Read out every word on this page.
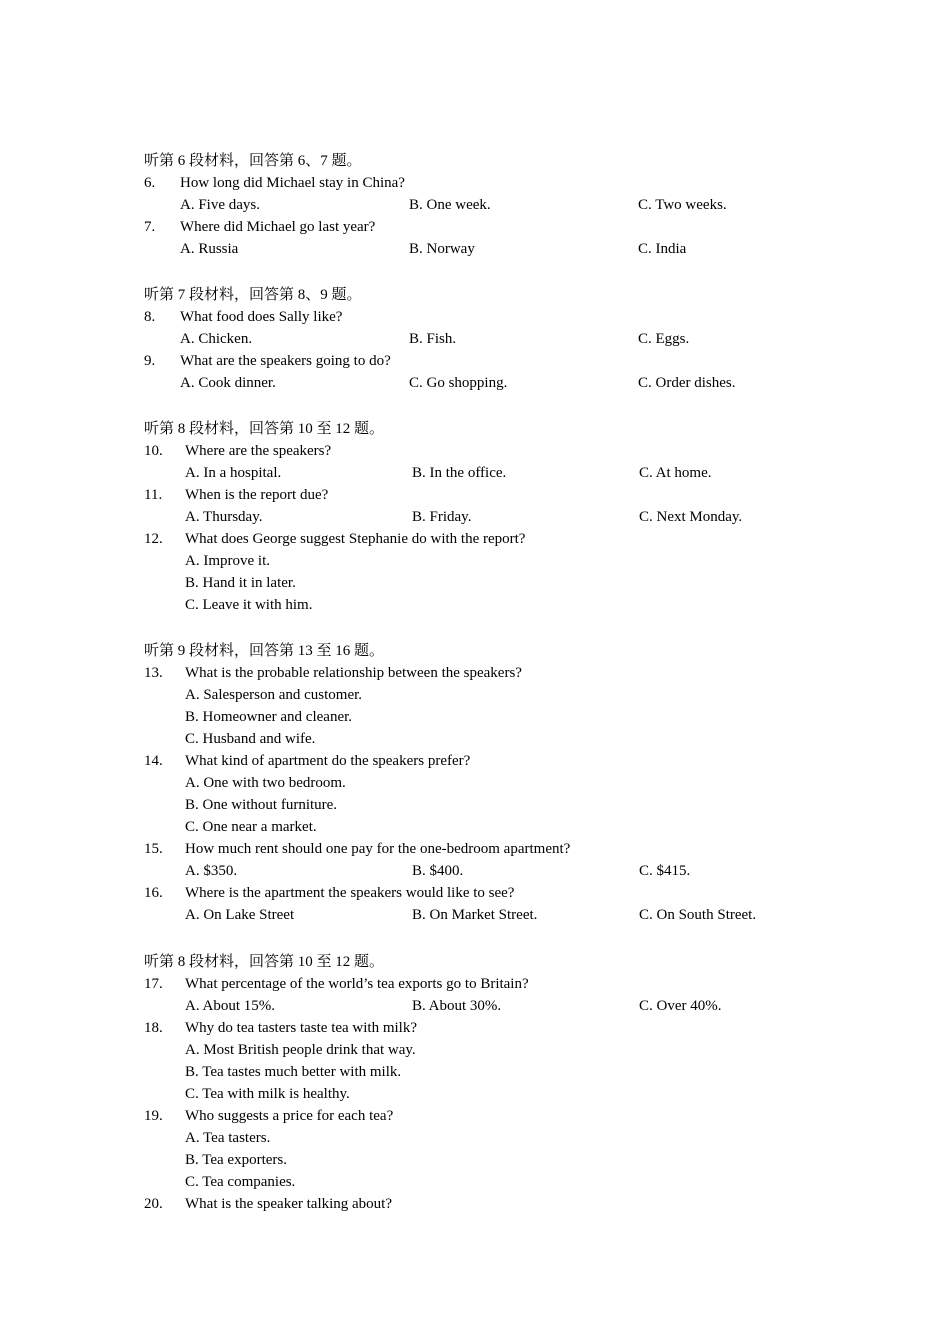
听第 6 段材料，回答第 6、7 题。
6. How long did Michael stay in China?
A. Five days.	B. One week.	C. Two weeks.
7. Where did Michael go last year?
A. Russia	B. Norway	C. India
听第 7 段材料，回答第 8、9 题。
8. What food does Sally like?
A. Chicken.	B. Fish.	C. Eggs.
9. What are the speakers going to do?
A. Cook dinner.	C. Go shopping.	C. Order dishes.
听第 8 段材料，回答第 10 至 12 题。
10. Where are the speakers?
A. In a hospital.	B. In the office.	C. At home.
11. When is the report due?
A. Thursday.	B. Friday.	C. Next Monday.
12. What does George suggest Stephanie do with the report?
A. Improve it.
B. Hand it in later.
C. Leave it with him.
听第 9 段材料，回答第 13 至 16 题。
13. What is the probable relationship between the speakers?
A. Salesperson and customer.
B. Homeowner and cleaner.
C. Husband and wife.
14. What kind of apartment do the speakers prefer?
A. One with two bedroom.
B. One without furniture.
C. One near a market.
15. How much rent should one pay for the one-bedroom apartment?
A. $350.	B. $400.	C. $415.
16. Where is the apartment the speakers would like to see?
A. On Lake Street	B. On Market Street.	C. On South Street.
听第 8 段材料，回答第 10 至 12 题。
17. What percentage of the world’s tea exports go to Britain?
A. About 15%.	B. About 30%.	C. Over 40%.
18. Why do tea tasters taste tea with milk?
A. Most British people drink that way.
B. Tea tastes much better with milk.
C. Tea with milk is healthy.
19. Who suggests a price for each tea?
A. Tea tasters.
B. Tea exporters.
C. Tea companies.
20. What is the speaker talking about?
